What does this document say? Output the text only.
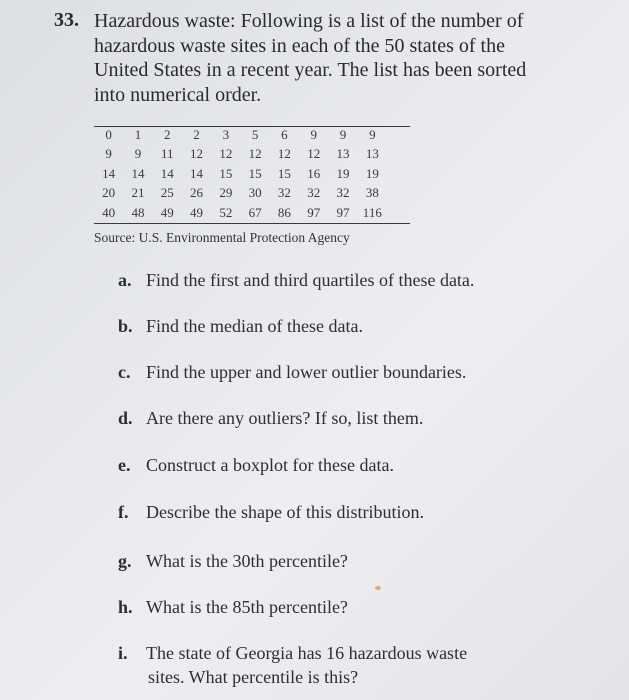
33. Hazardous waste: Following is a list of the number of
hazardous waste sites in each of the 50 states of the
United States in a recent year. The list has been sorted
into numerical order.
0	1	2	2	3	5	6	9	9	9
9	9	11	12	12	12	12	12	13	13
14	14	14	14	15	15	15	16	19	19
20	21	25	26	29	30	32	32	32	38
40	48	49	49	52	67	86	97	97	116
Source: U.S. Environmental Protection Agency
a. Find the first and third quartiles of these data.
b. Find the median of these data.
c. Find the upper and lower outlier boundaries.
d. Are there any outliers? If so, list them.
e. Construct a boxplot for these data.
f. Describe the shape of this distribution.
g. What is the 30th percentile?
h. What is the 85th percentile?
i. The state of Georgia has 16 hazardous waste
sites. What percentile is this?
